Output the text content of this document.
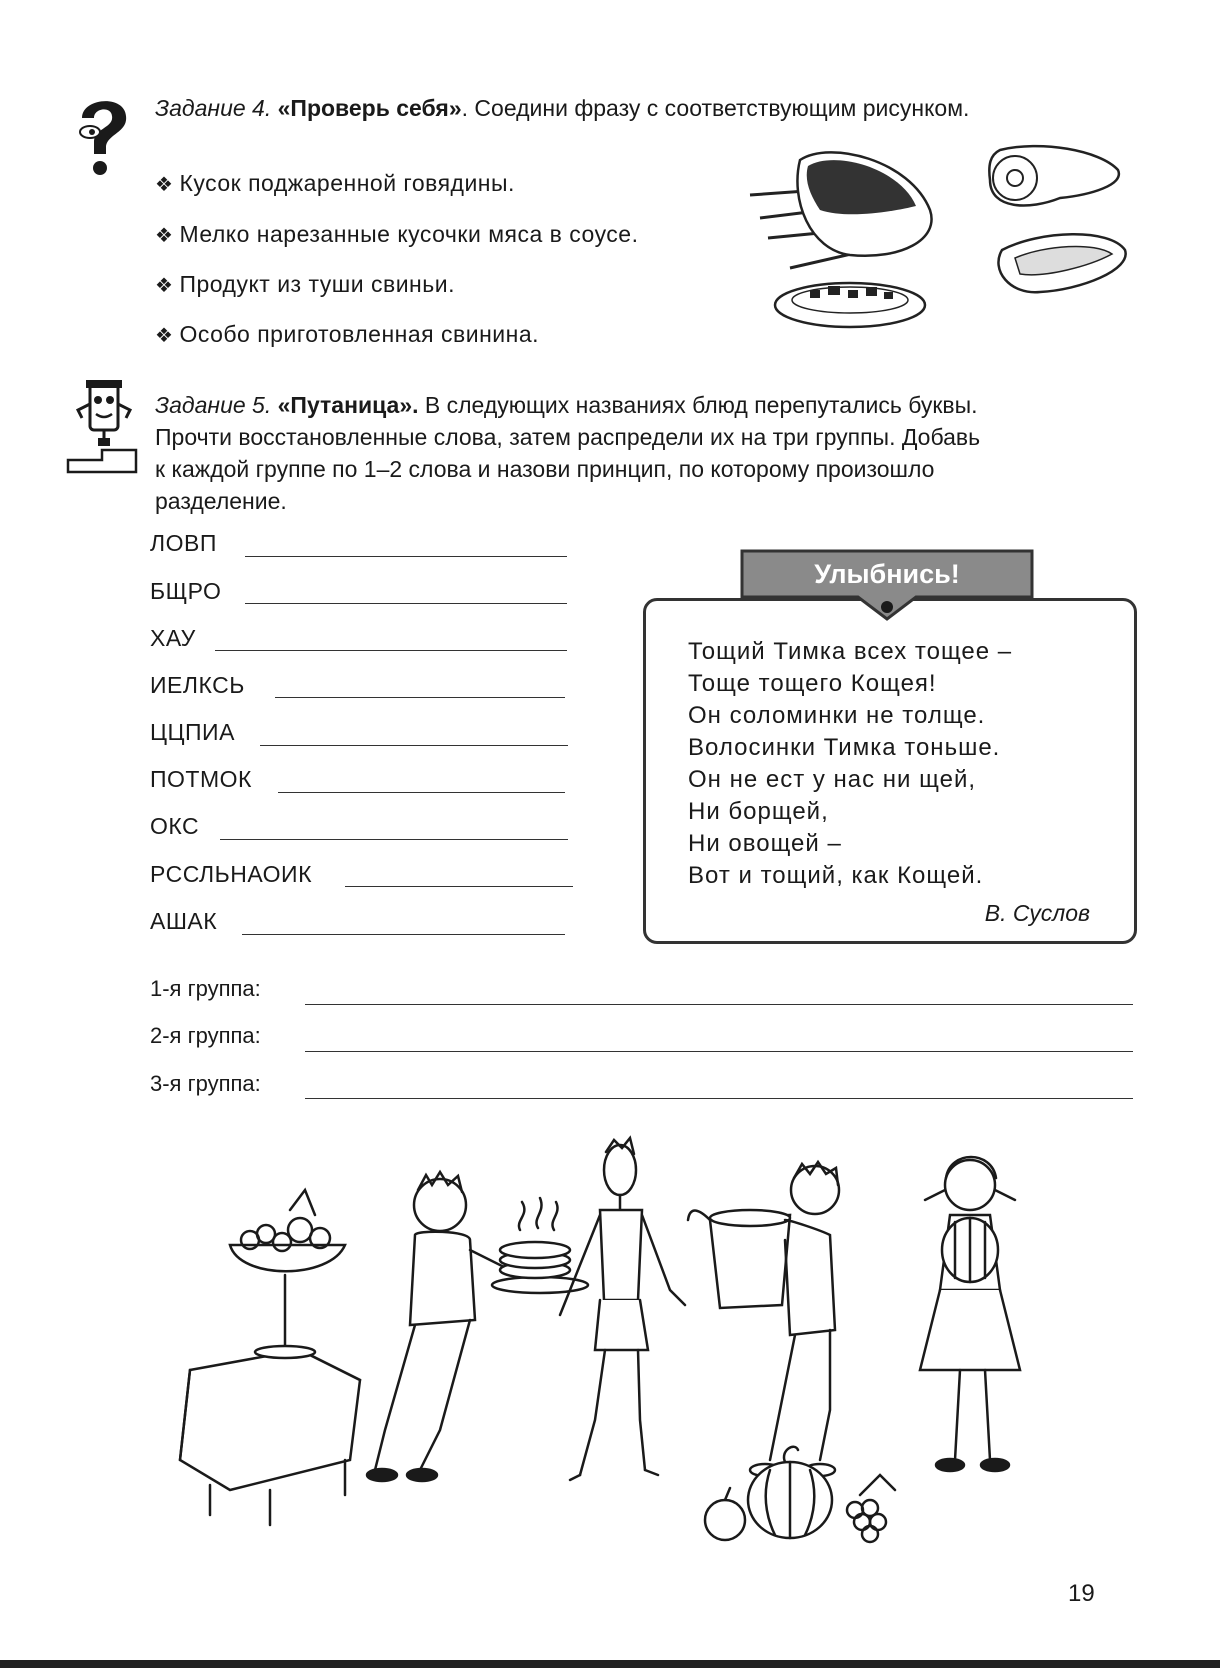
Задание 4. «Проверь себя». Соедини фразу с соответствующим рисунком.
❖ Кусок поджаренной говядины.
❖ Мелко нарезанные кусочки мяса в соусе.
❖ Продукт из туши свиньи.
❖ Особо приготовленная свинина.
Задание 5. «Путаница». В следующих названиях блюд перепутались буквы.
Прочти восстановленные слова, затем распредели их на три группы. Добавь
к каждой группе по 1–2 слова и назови принцип, по которому произошло
разделение.
ЛОВП
БЩРО
ХАУ
ИЕЛКСЬ
ЦЦПИА
ПОТМОК
ОКС
РССЛЬНАОИК
АШАК
Улыбнись!
Тощий Тимка всех тощее –
Тоще тощего Кощея!
Он соломинки не толще.
Волосинки Тимка тоньше.
Он не ест у нас ни щей,
Ни борщей,
Ни овощей –
Вот и тощий, как Кощей.
В. Суслов
1-я группа:
2-я группа:
3-я группа:
19
